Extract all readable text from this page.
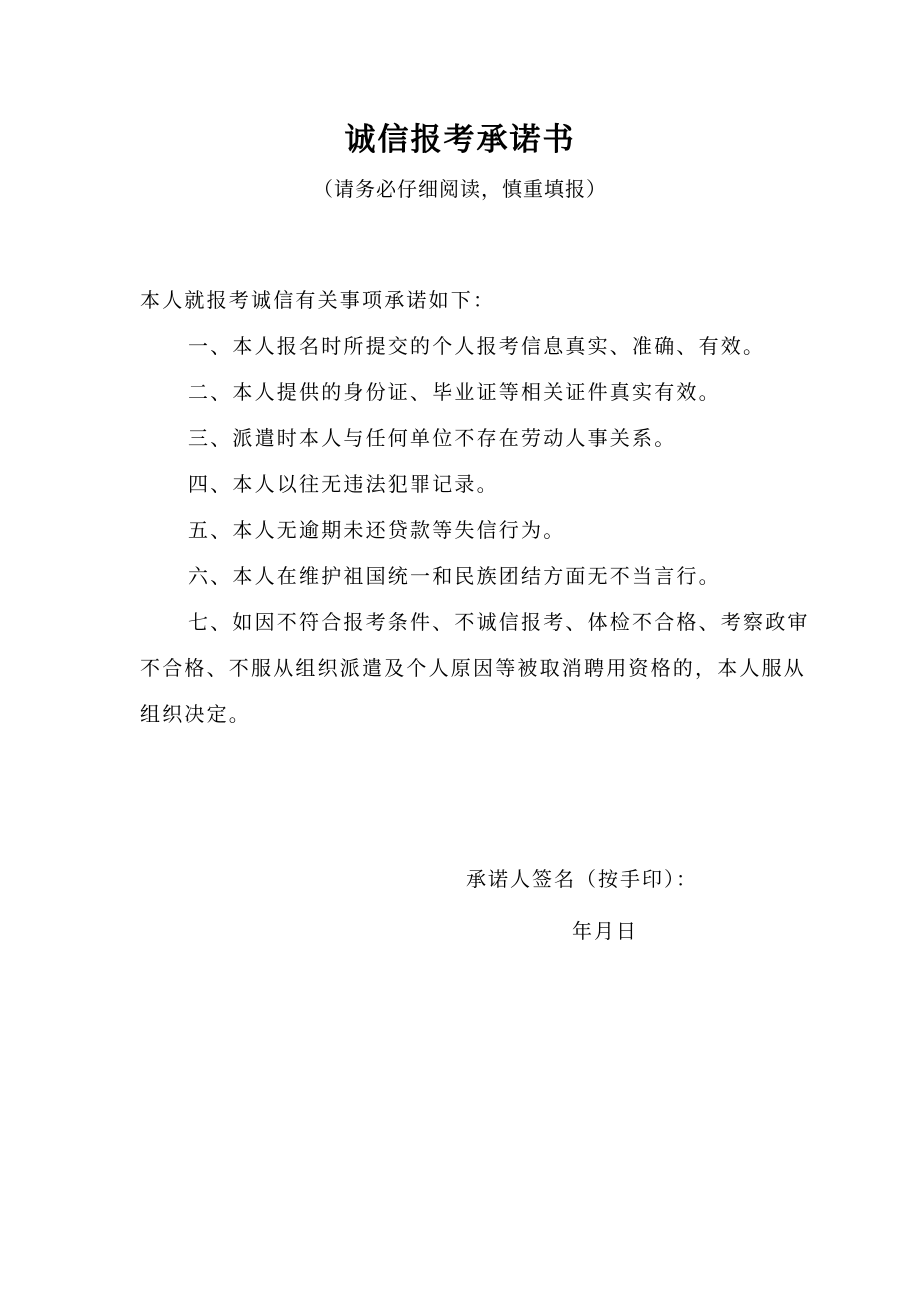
诚信报考承诺书
（请务必仔细阅读，慎重填报）

本人就报考诚信有关事项承诺如下：

一、本人报名时所提交的个人报考信息真实、准确、有效。

二、本人提供的身份证、毕业证等相关证件真实有效。

三、派遣时本人与任何单位不存在劳动人事关系。

四、本人以往无违法犯罪记录。

五、本人无逾期未还贷款等失信行为。

六、本人在维护祖国统一和民族团结方面无不当言行。

七、如因不符合报考条件、不诚信报考、体检不合格、考察政审不合格、不服从组织派遣及个人原因等被取消聘用资格的，本人服从组织决定。

承诺人签名（按手印）：
年月日
